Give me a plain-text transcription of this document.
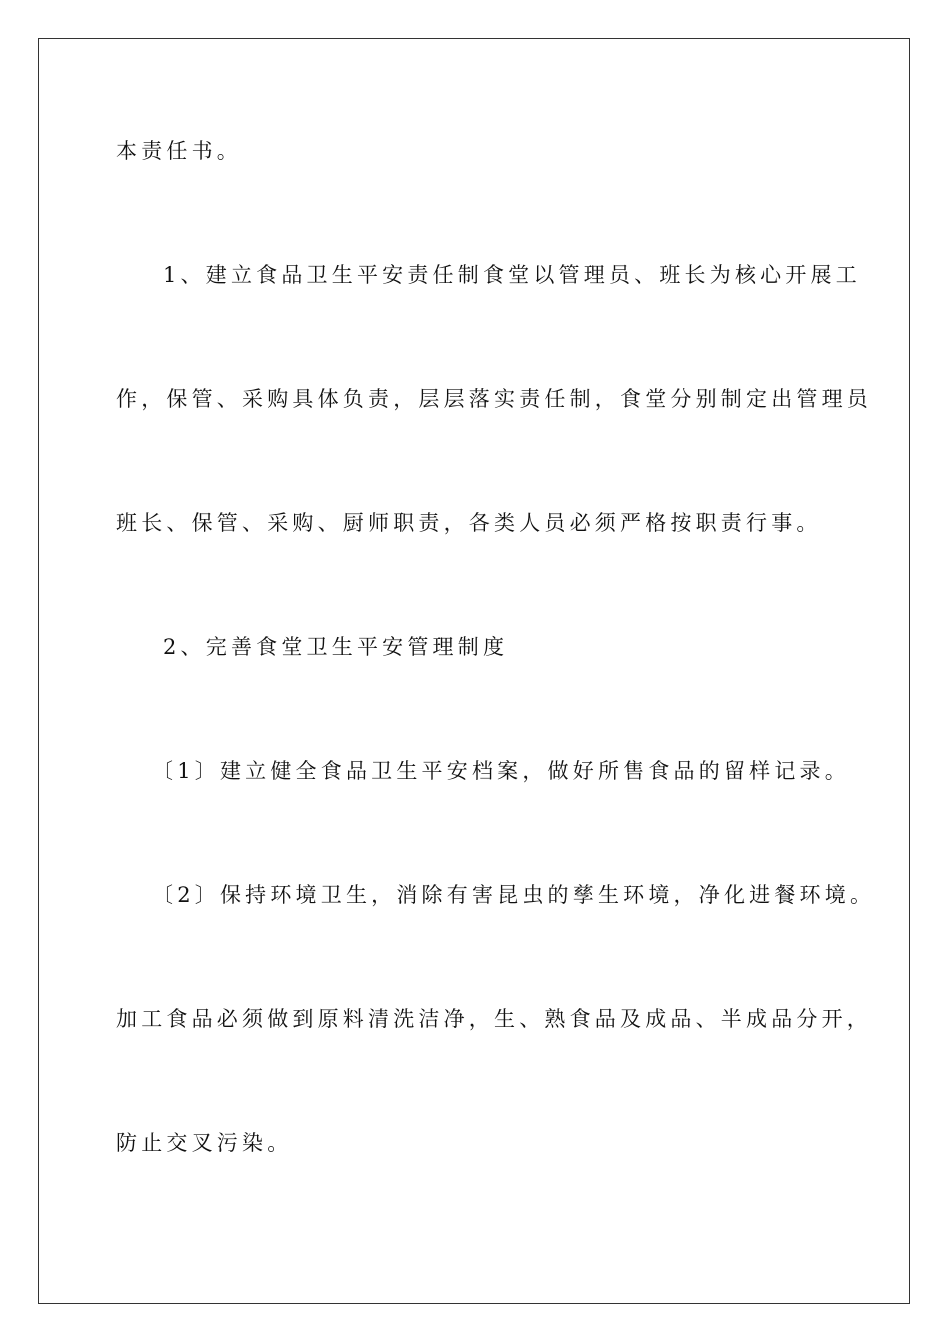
本责任书。

1、建立食品卫生平安责任制食堂以管理员、班长为核心开展工

作，保管、采购具体负责，层层落实责任制，食堂分别制定出管理员

班长、保管、采购、厨师职责，各类人员必须严格按职责行事。

2、完善食堂卫生平安管理制度

〔1〕建立健全食品卫生平安档案，做好所售食品的留样记录。

〔2〕保持环境卫生，消除有害昆虫的孳生环境，净化进餐环境。

加工食品必须做到原料清洗洁净，生、熟食品及成品、半成品分开，

防止交叉污染。
